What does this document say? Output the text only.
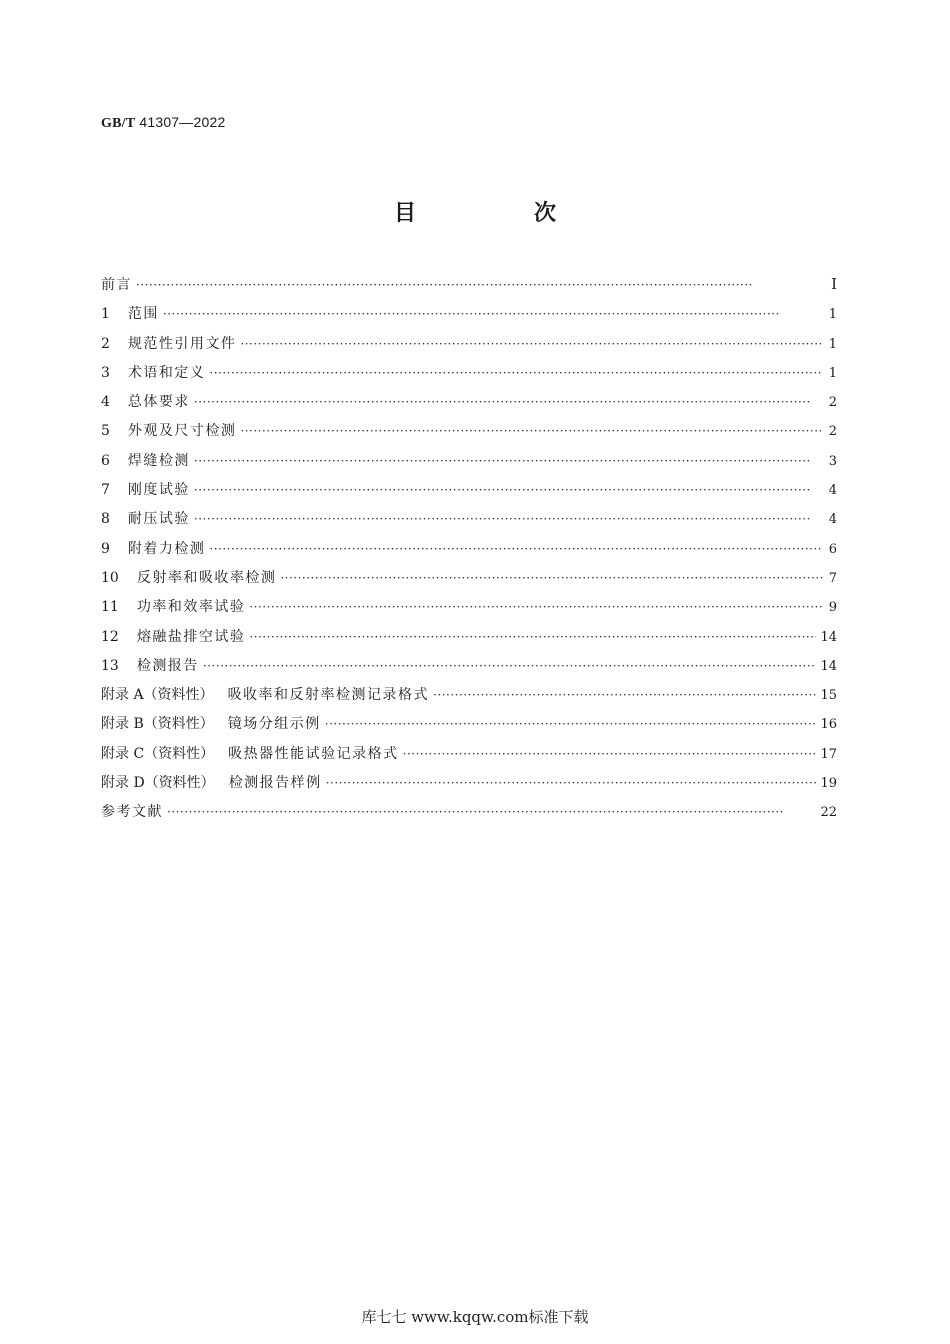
GB/T 41307—2022
目　次
前言 ·····	I
1 范围 ·····	1
2 规范性引用文件 ·····	1
3 术语和定义 ·····	1
4 总体要求 ·····	2
5 外观及尺寸检测 ·····	2
6 焊缝检测 ·····	3
7 刚度试验 ·····	4
8 耐压试验 ·····	4
9 附着力检测 ·····	6
10 反射率和吸收率检测 ·····	7
11 功率和效率试验 ·····	9
12 熔融盐排空试验 ·····	14
13 检测报告 ·····	14
附录 A（资料性） 吸收率和反射率检测记录格式 ·····	15
附录 B（资料性） 镜场分组示例 ·····	16
附录 C（资料性） 吸热器性能试验记录格式 ·····	17
附录 D（资料性） 检测报告样例 ·····	19
参考文献 ·····	22
库七七 www.kqqw.com标准下载
